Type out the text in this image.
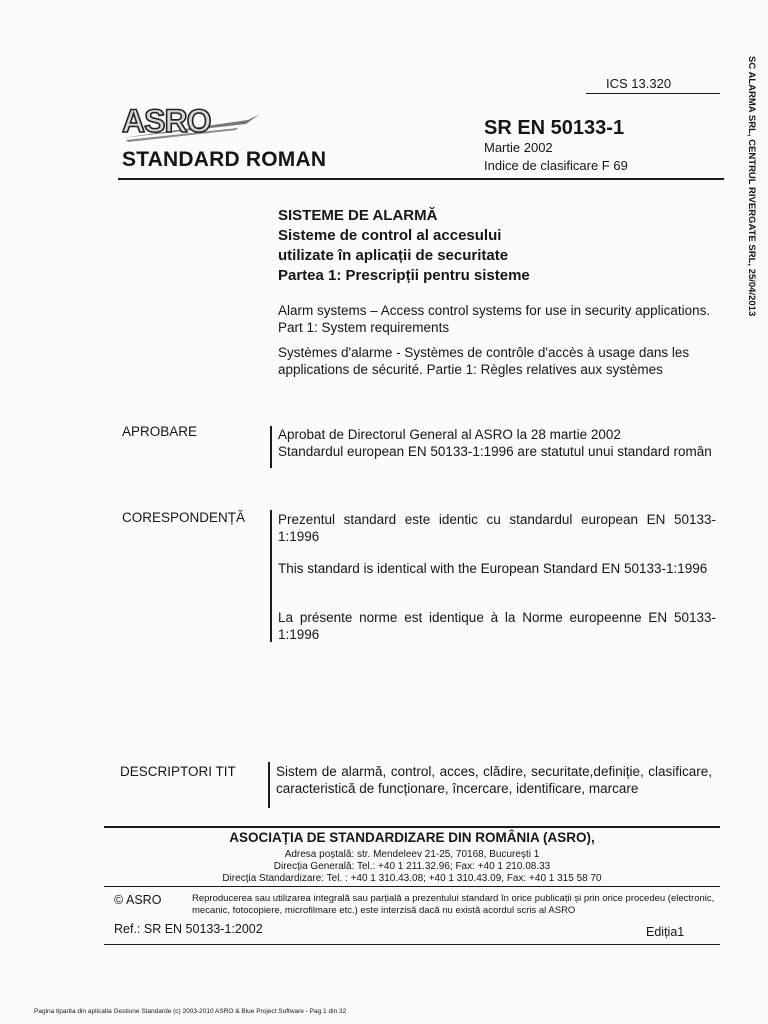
ICS 13.320
ASRO
STANDARD ROMAN
SR EN 50133-1
Martie 2002
Indice de clasificare F 69	SC ALARMA SRL, CENTRUL RIVERGATE SRL, 25/04/2013
SISTEME DE ALARMĂ
Sisteme de control al accesului
utilizate în aplicații de securitate
Partea 1: Prescripții pentru sisteme
Alarm systems – Access control systems for use in security applications. Part 1: System requirements
Systèmes d'alarme - Systèmes de contrôle d'accès à usage dans les applications de sécurité. Partie 1: Règles relatives aux systèmes
APROBARE	Aprobat de Directorul General al ASRO la 28 martie 2002
Standardul european EN 50133-1:1996 are statutul unui standard român
CORESPONDENȚĂ Prezentul standard este identic cu standardul european EN 50133-1:1996
This standard is identical with the European Standard EN 50133-1:1996
La présente norme est identique à la Norme europeenne EN 50133-1:1996
DESCRIPTORI TIT	Sistem de alarmă, control, acces, clădire, securitate,definiție, clasificare, caracteristică de funcționare, încercare, identificare, marcare
ASOCIAȚIA DE STANDARDIZARE DIN ROMÂNIA (ASRO),
Adresa poștală: str. Mendeleev 21-25, 70168, București 1
Direcția Generală: Tel.: +40 1 211.32.96; Fax: +40 1 210.08.33
Direcția Standardizare: Tel. : +40 1 310.43.08; +40 1 310.43.09, Fax: +40 1 315 58 70
© ASRO	Reproducerea sau utilizarea integrală sau parțială a prezentului standard în orice publicații și prin orice procedeu (electronic, mecanic, fotocopiere, microfilmare etc.) este interzisă dacă nu există acordul scris al ASRO
Ref.: SR EN 50133-1:2002	Ediția1
Pagina tiparita din aplicatia Gestiune Standarde (c) 2003-2010 ASRO & Blue Project Software - Pag 1 din 32
